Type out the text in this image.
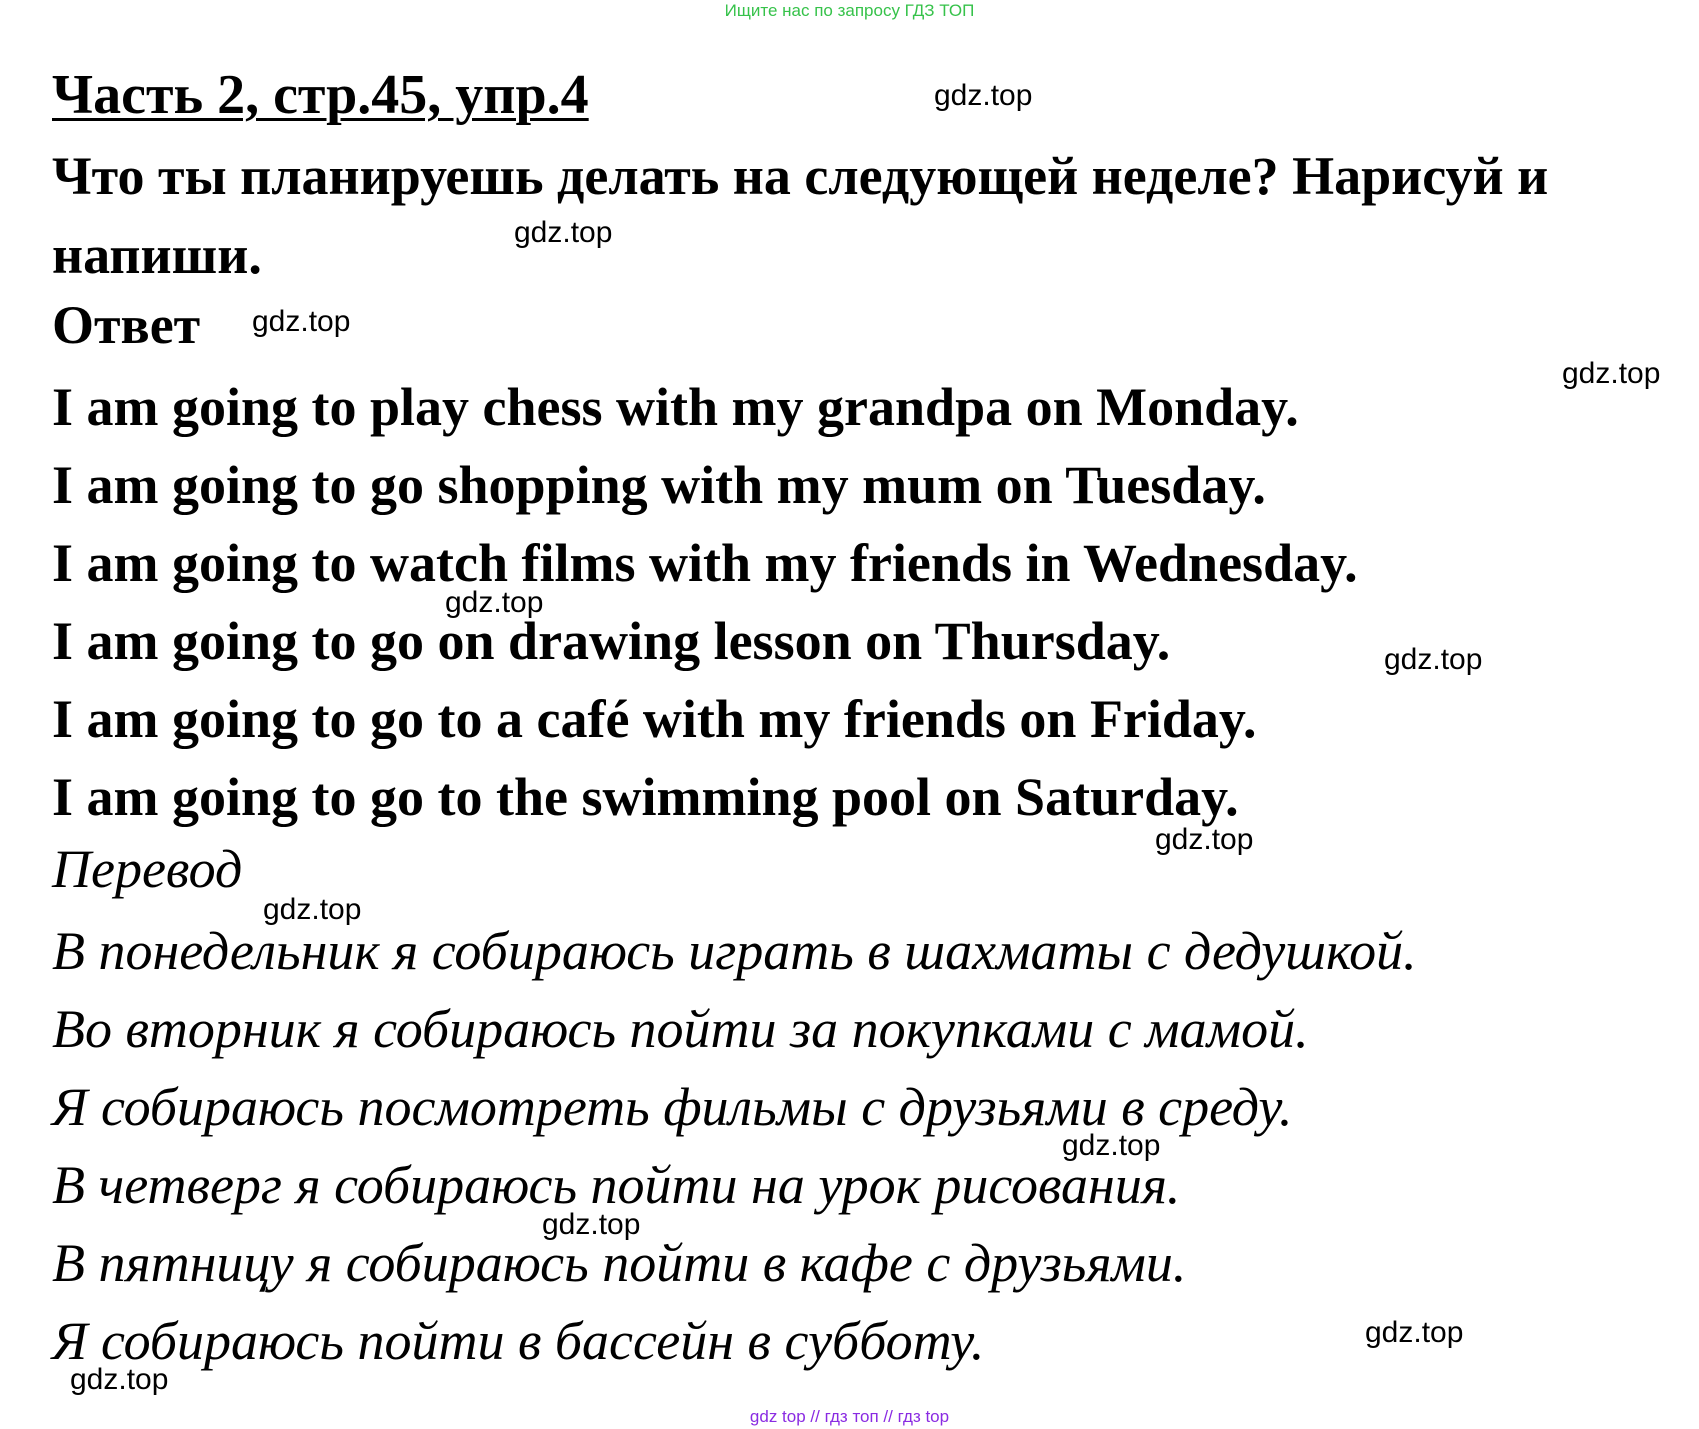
Ищите нас по запросу ГДЗ ТОП
Часть 2, стр.45, упр.4
Что ты планируешь делать на следующей неделе? Нарисуй и напиши.
Ответ
I am going to play chess with my grandpa on Monday.
I am going to go shopping with my mum on Tuesday.
I am going to watch films with my friends in Wednesday.
I am going to go on drawing lesson on Thursday.
I am going to go to a café with my friends on Friday.
I am going to go to the swimming pool on Saturday.
Перевод
В понедельник я собираюсь играть в шахматы с дедушкой.
Во вторник я собираюсь пойти за покупками с мамой.
Я собираюсь посмотреть фильмы с друзьями в среду.
В четверг я собираюсь пойти на урок рисования.
В пятницу я собираюсь пойти в кафе с друзьями.
Я собираюсь пойти в бассейн в субботу.
gdz.top
gdz.top
gdz.top
gdz.top
gdz.top
gdz.top
gdz.top
gdz.top
gdz.top
gdz.top
gdz.top
gdz.top
gdz top // гдз топ // гдз top
